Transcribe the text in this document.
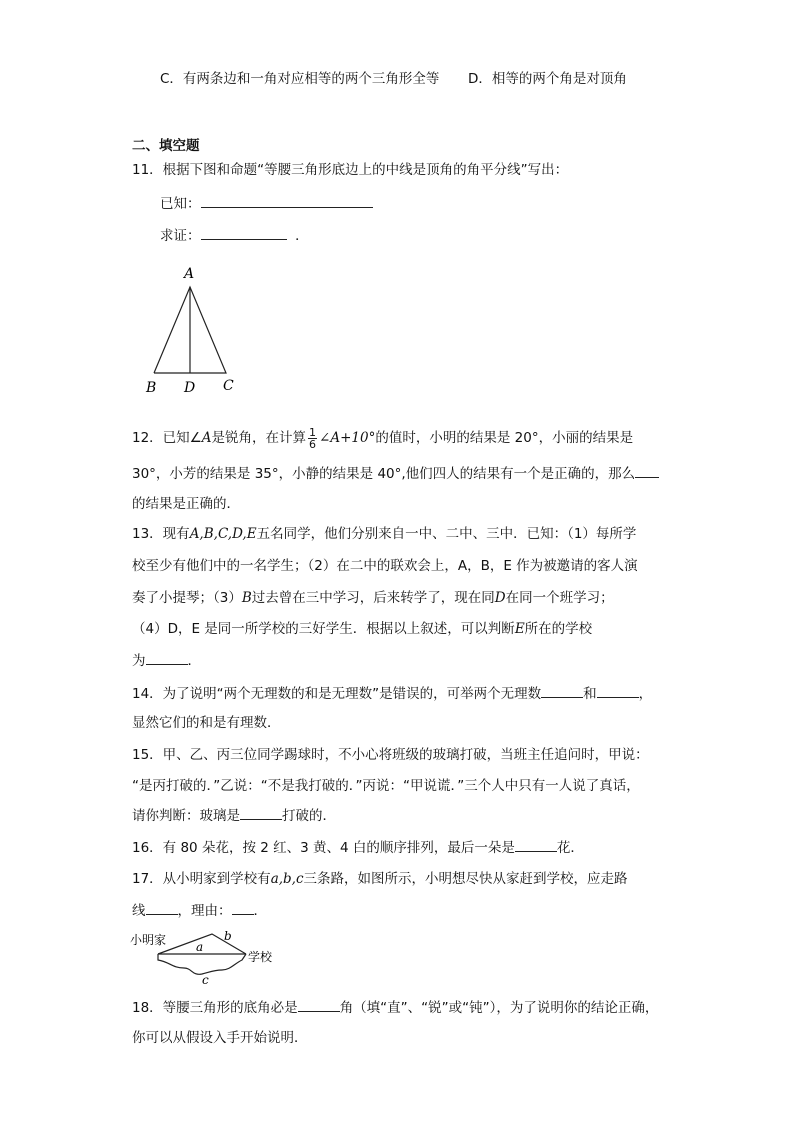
C．有两条边和一角对应相等的两个三角形全等 D．相等的两个角是对顶角
二、填空题
11．根据下图和命题“等腰三角形底边上的中线是顶角的角平分线”写出：
已知：
求证：	．
A
B D C
12．已知∠A是锐角，在计算 $\frac{1}{6}$ ∠A+10°的值时，小明的结果是 20°，小丽的结果是
30°，小芳的结果是 35°，小静的结果是 40°,他们四人的结果有一个是正确的，那么
的结果是正确的．
13．现有A,B,C,D,E五名同学，他们分别来自一中、二中、三中．已知：（1）每所学
校至少有他们中的一名学生；（2）在二中的联欢会上，A，B，E 作为被邀请的客人演
奏了小提琴；（3）B过去曾在三中学习，后来转学了，现在同D在同一个班学习；
（4）D，E 是同一所学校的三好学生．根据以上叙述，可以判断E所在的学校
为	．
14．为了说明“两个无理数的和是无理数”是错误的，可举两个无理数	和	，
显然它们的和是有理数．
15．甲、乙、丙三位同学踢球时，不小心将班级的玻璃打破，当班主任追问时，甲说：
“是丙打破的．”乙说：“不是我打破的．”丙说：“甲说谎．”三个人中只有一人说了真话，
请你判断：玻璃是	打破的．
16．有 80 朵花，按 2 红、3 黄、4 白的顺序排列，最后一朵是	花．
17．从小明家到学校有a,b,c三条路，如图所示，小明想尽快从家赶到学校，应走路
线 ，理由： ．
小明家
学校
a
b
c
18．等腰三角形的底角必是	角（填“直”、“锐”或“钝”），为了说明你的结论正确，
你可以从假设入手开始说明．
